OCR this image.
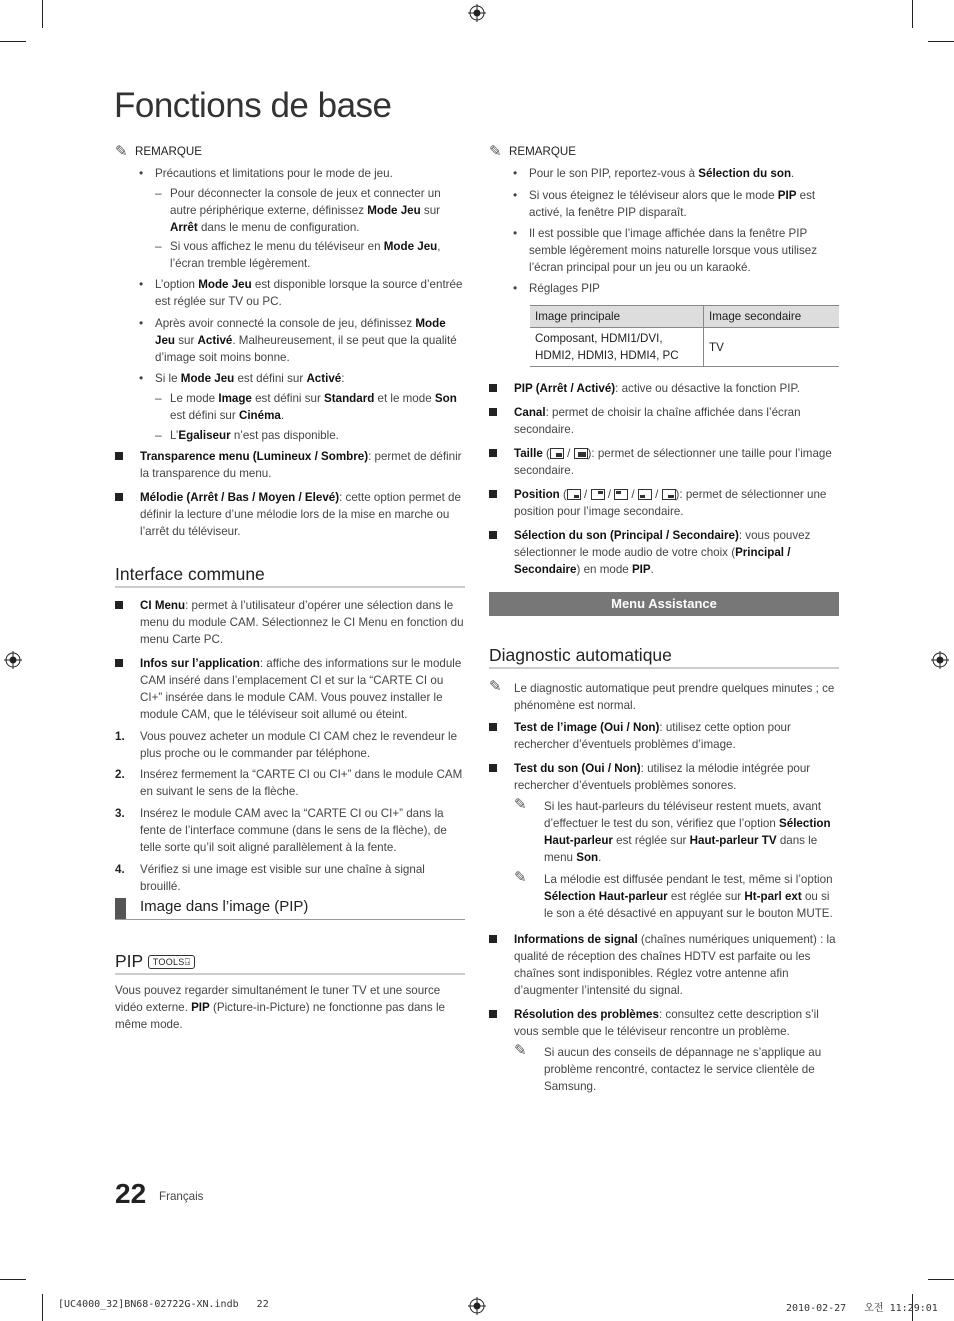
Fonctions de base
✎ REMARQUE
• Précautions et limitations pour le mode de jeu.
– Pour déconnecter la console de jeux et connecter un autre périphérique externe, définissez Mode Jeu sur Arrêt dans le menu de configuration.
– Si vous affichez le menu du téléviseur en Mode Jeu, l’écran tremble légèrement.
• L’option Mode Jeu est disponible lorsque la source d’entrée est réglée sur TV ou PC.
• Après avoir connecté la console de jeu, définissez Mode Jeu sur Activé. Malheureusement, il se peut que la qualité d’image soit moins bonne.
• Si le Mode Jeu est défini sur Activé:
– Le mode Image est défini sur Standard et le mode Son est défini sur Cinéma.
– L’Egaliseur n’est pas disponible.
Transparence menu (Lumineux / Sombre): permet de définir la transparence du menu.
Mélodie (Arrêt / Bas / Moyen / Elevé): cette option permet de définir la lecture d’une mélodie lors de la mise en marche ou l’arrêt du téléviseur.
Interface commune
CI Menu: permet à l’utilisateur d’opérer une sélection dans le menu du module CAM. Sélectionnez le CI Menu en fonction du menu Carte PC.
Infos sur l’application: affiche des informations sur le module CAM inséré dans l’emplacement CI et sur la “CARTE CI ou CI+” insérée dans le module CAM. Vous pouvez installer le module CAM, que le téléviseur soit allumé ou éteint.
1. Vous pouvez acheter un module CI CAM chez le revendeur le plus proche ou le commander par téléphone.
2. Insérez fermement la “CARTE CI ou CI+” dans le module CAM en suivant le sens de la flèche.
3. Insérez le module CAM avec la “CARTE CI ou CI+” dans la fente de l’interface commune (dans le sens de la flèche), de telle sorte qu’il soit aligné parallèlement à la fente.
4. Vérifiez si une image est visible sur une chaîne à signal brouillé.
Image dans l’image (PIP)
PIP TOOLS⍈
Vous pouvez regarder simultanément le tuner TV et une source vidéo externe. PIP (Picture-in-Picture) ne fonctionne pas dans le même mode.
✎ REMARQUE
• Pour le son PIP, reportez-vous à Sélection du son.
• Si vous éteignez le téléviseur alors que le mode PIP est activé, la fenêtre PIP disparaît.
• Il est possible que l’image affichée dans la fenêtre PIP semble légèrement moins naturelle lorsque vous utilisez l’écran principal pour un jeu ou un karaoké.
• Réglages PIP
Image principale	Image secondaire

Composant, HDMI1/DVI,
HDMI2, HDMI3, HDMI4, PC	TV
PIP (Arrêt / Activé): active ou désactive la fonction PIP.
Canal: permet de choisir la chaîne affichée dans l’écran secondaire.
Taille (
/
): permet de sélectionner une taille pour l’image secondaire.
Position (
/
/
/
/
): permet de sélectionner une position pour l’image secondaire.
Sélection du son (Principal / Secondaire): vous pouvez sélectionner le mode audio de votre choix (Principal / Secondaire) en mode PIP.
Menu Assistance
Diagnostic automatique
✎	Le diagnostic automatique peut prendre quelques minutes ; ce phénomène est normal.
Test de l’image (Oui / Non): utilisez cette option pour rechercher d’éventuels problèmes d’image.
Test du son (Oui / Non): utilisez la mélodie intégrée pour rechercher d’éventuels problèmes sonores.
✎	Si les haut-parleurs du téléviseur restent muets, avant d’effectuer le test du son, vérifiez que l’option Sélection Haut-parleur est réglée sur Haut-parleur TV dans le menu Son.
✎	La mélodie est diffusée pendant le test, même si l’option Sélection Haut-parleur est réglée sur Ht-parl ext ou si le son a été désactivé en appuyant sur le bouton MUTE.
Informations de signal (chaînes numériques uniquement) : la qualité de réception des chaînes HDTV est parfaite ou les chaînes sont indisponibles. Réglez votre antenne afin d’augmenter l’intensité du signal.
Résolution des problèmes: consultez cette description s’il vous semble que le téléviseur rencontre un problème.
✎	Si aucun des conseils de dépannage ne s’applique au problème rencontré, contactez le service clientèle de Samsung.
22 Français
[UC4000_32]BN68-02722G-XN.indb   22	2010-02-27   오전 11:29:01
